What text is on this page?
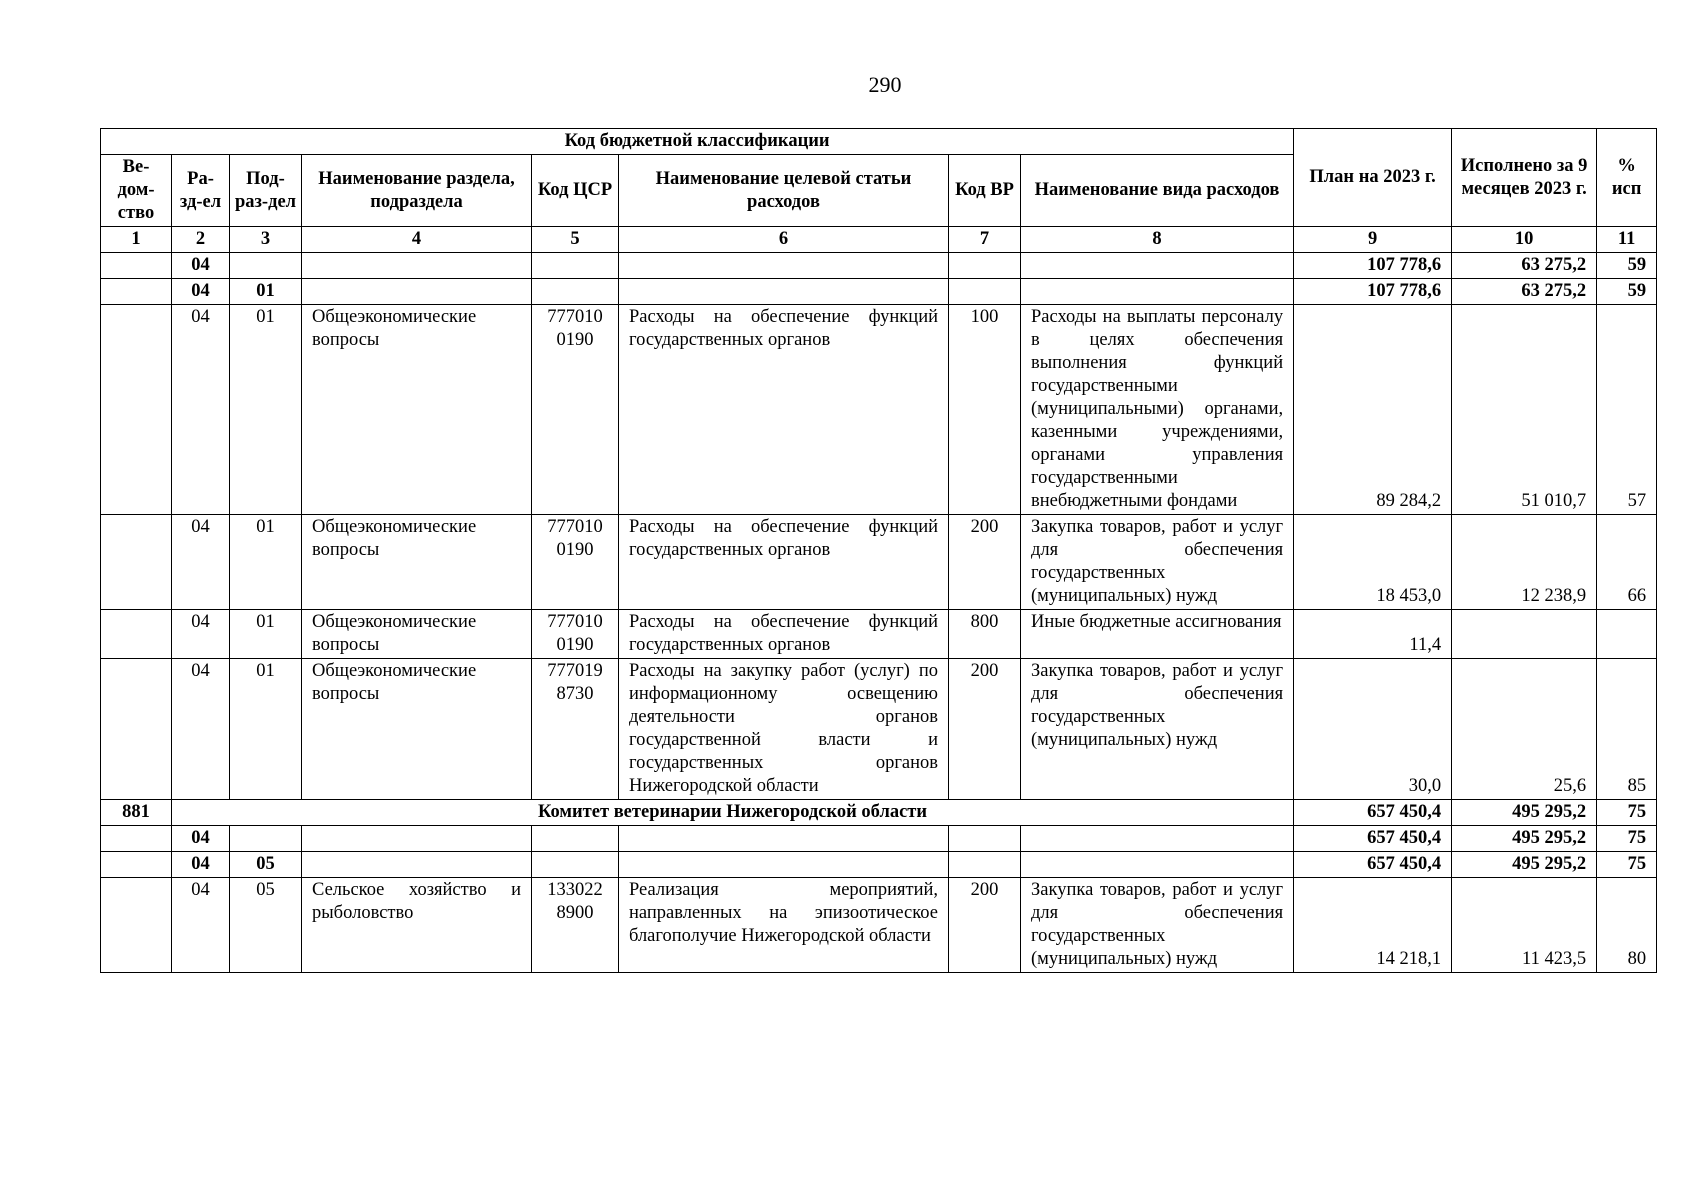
290
Код бюджетной классификации								План на 2023 г.	Исполнено за 9 месяцев 2023 г.	% исп
Ве-дом-ство	Ра-зд-ел	Под-раз-дел	Наименование раздела, подраздела	Код ЦСР	Наименование целевой статьи расходов	Код ВР	Наименование вида расходов			
1	2	3	4	5	6	7	8	9	10	11
	04							107 778,6	63 275,2	59
	04	01						107 778,6	63 275,2	59
	04	01	Общеэкономические вопросы	777010 0190	Расходы на обеспечение функций государственных органов	100	Расходы на выплаты персоналу в целях обеспечения выполнения функций государственными (муниципальными) органами, казенными учреждениями, органами управления государственными внебюджетными фондами	89 284,2	51 010,7	57
	04	01	Общеэкономические вопросы	777010 0190	Расходы на обеспечение функций государственных органов	200	Закупка товаров, работ и услуг для обеспечения государственных (муниципальных) нужд	18 453,0	12 238,9	66
	04	01	Общеэкономические вопросы	777010 0190	Расходы на обеспечение функций государственных органов	800	Иные бюджетные ассигнования	11,4		
	04	01	Общеэкономические вопросы	777019 8730	Расходы на закупку работ (услуг) по информационному освещению деятельности органов государственной власти и государственных органов Нижегородской области	200	Закупка товаров, работ и услуг для обеспечения государственных (муниципальных) нужд	30,0	25,6	85
881	Комитет ветеринарии Нижегородской области							657 450,4	495 295,2	75
	04							657 450,4	495 295,2	75
	04	05						657 450,4	495 295,2	75
	04	05	Сельское хозяйство и рыболовство	133022 8900	Реализация мероприятий, направленных на эпизоотическое благополучие Нижегородской области	200	Закупка товаров, работ и услуг для обеспечения государственных (муниципальных) нужд	14 218,1	11 423,5	80
